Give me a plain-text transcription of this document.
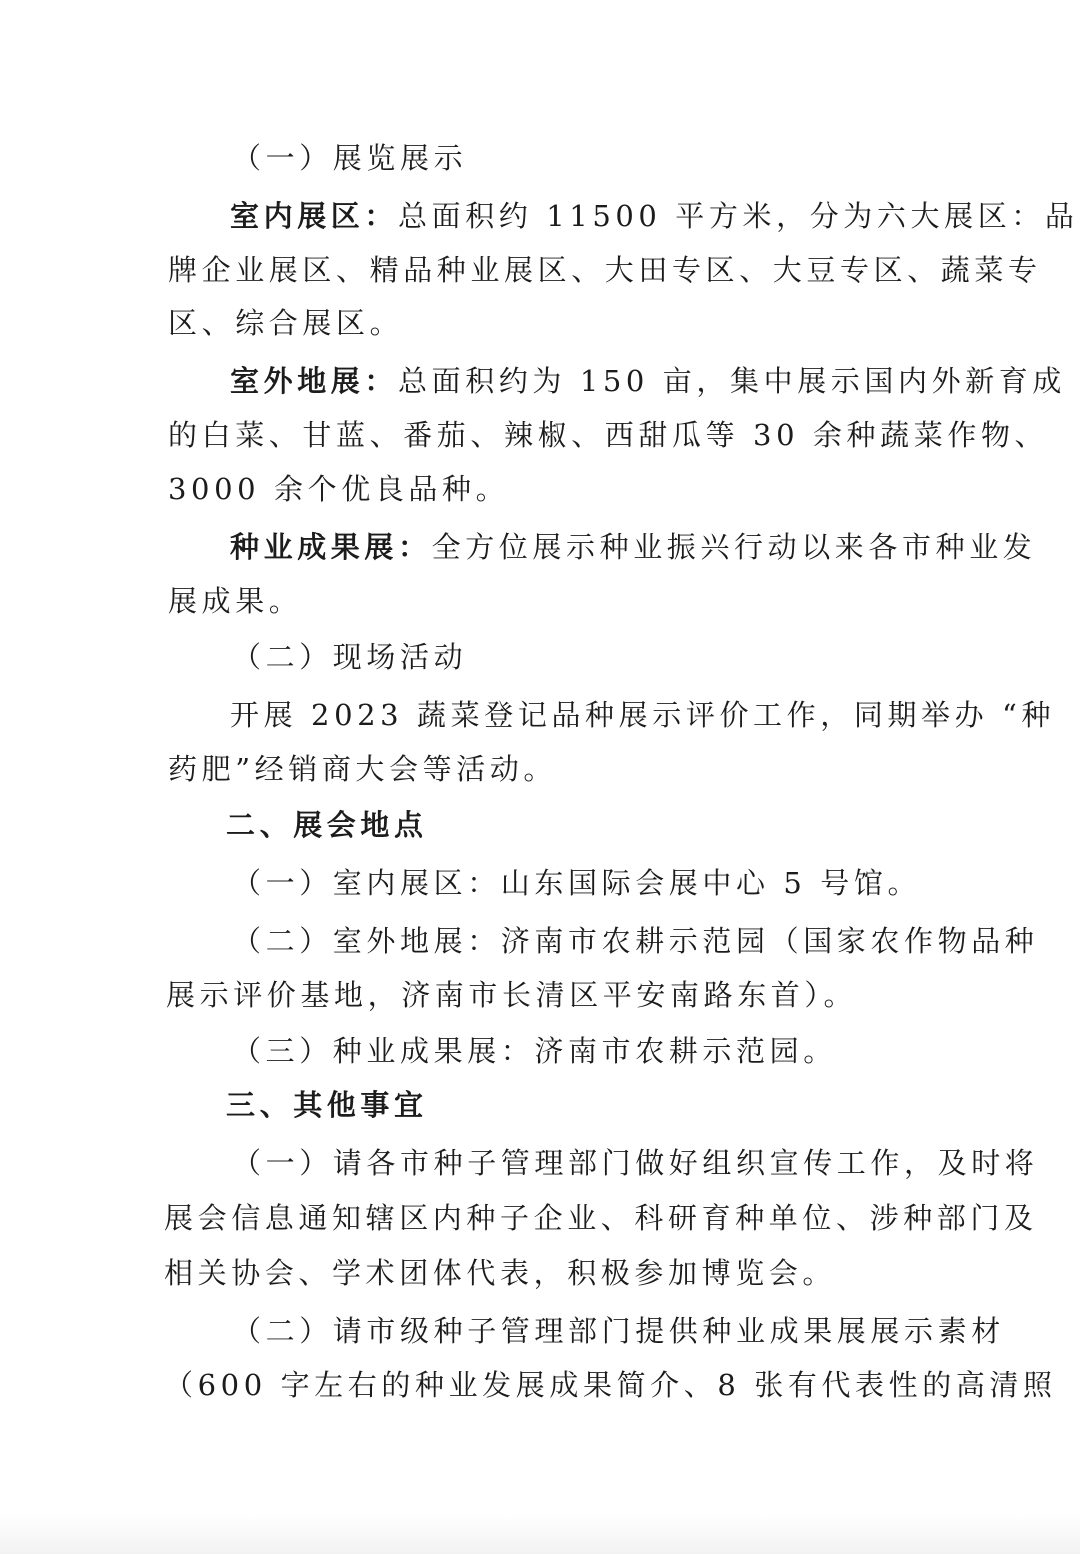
（一）展览展示
室内展区：总面积约 11500 平方米，分为六大展区：品
牌企业展区、精品种业展区、大田专区、大豆专区、蔬菜专
区、综合展区。
室外地展：总面积约为 150 亩，集中展示国内外新育成
的白菜、甘蓝、番茄、辣椒、西甜瓜等 30 余种蔬菜作物、
3000 余个优良品种。
种业成果展：全方位展示种业振兴行动以来各市种业发
展成果。
（二）现场活动
开展 2023 蔬菜登记品种展示评价工作，同期举办 “种
药肥”经销商大会等活动。
二、展会地点
（一）室内展区：山东国际会展中心 5 号馆。
（二）室外地展：济南市农耕示范园（国家农作物品种
展示评价基地，济南市长清区平安南路东首）。
（三）种业成果展：济南市农耕示范园。
三、其他事宜
（一）请各市种子管理部门做好组织宣传工作，及时将
展会信息通知辖区内种子企业、科研育种单位、涉种部门及
相关协会、学术团体代表，积极参加博览会。
（二）请市级种子管理部门提供种业成果展展示素材
（600 字左右的种业发展成果简介、8 张有代表性的高清照
